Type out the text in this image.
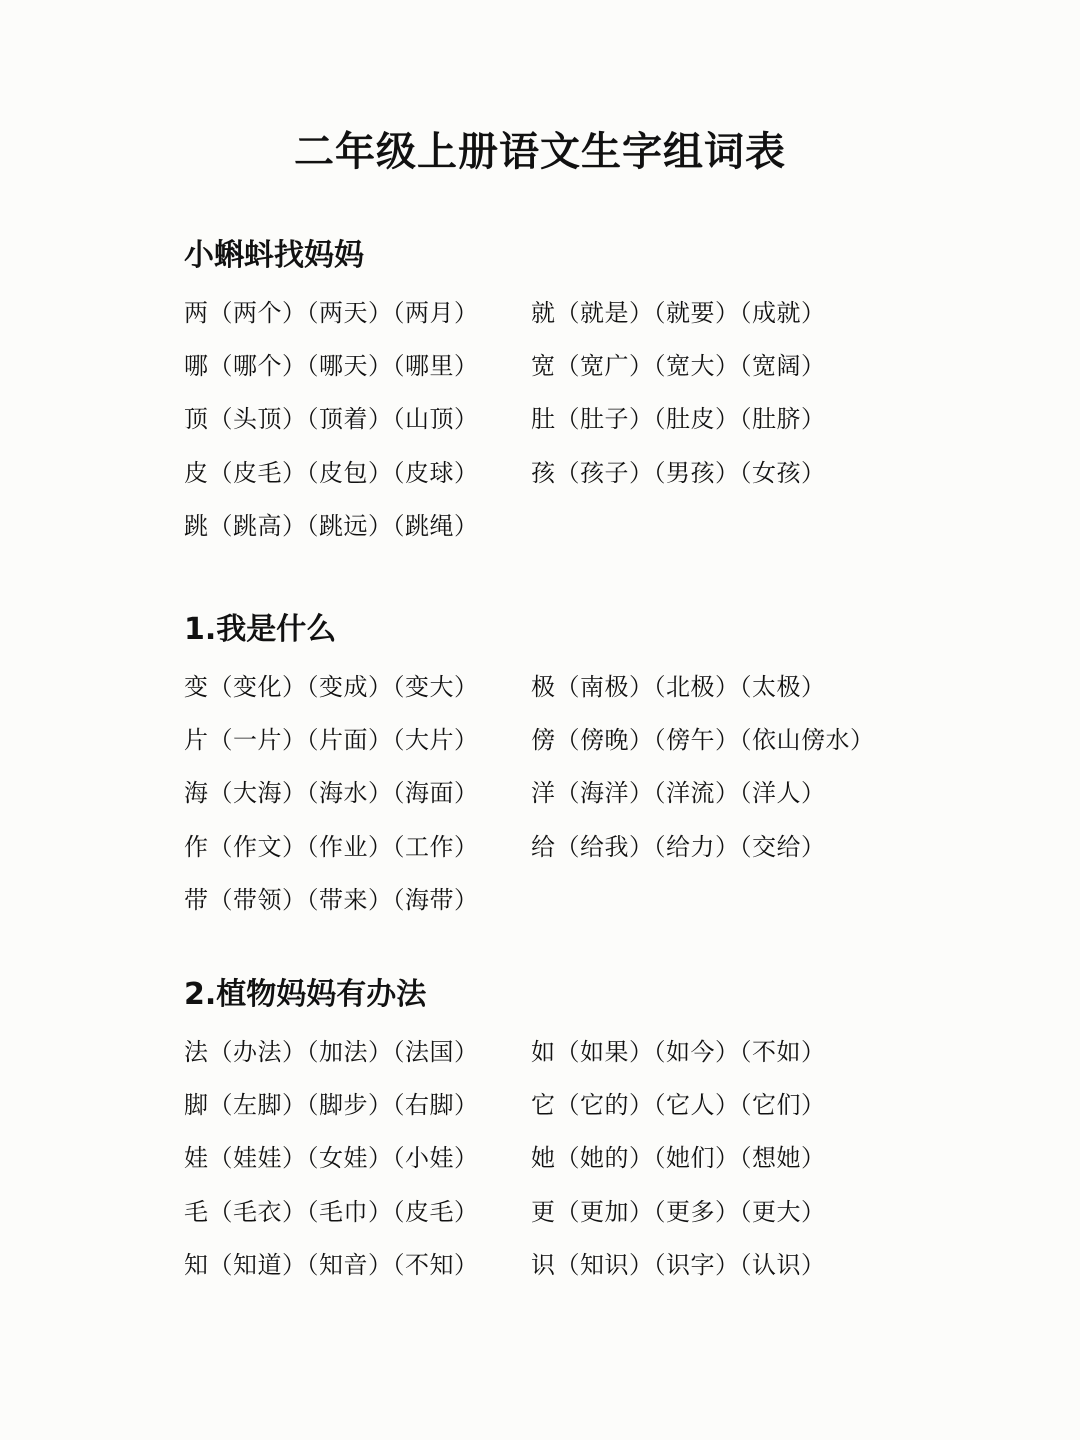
二年级上册语文生字组词表
小蝌蚪找妈妈
两（两个）（两天）（两月）	就（就是）（就要）（成就）
哪（哪个）（哪天）（哪里）	宽（宽广）（宽大）（宽阔）
顶（头顶）（顶着）（山顶）	肚（肚子）（肚皮）（肚脐）
皮（皮毛）（皮包）（皮球）	孩（孩子）（男孩）（女孩）
跳（跳高）（跳远）（跳绳）
1.我是什么
变（变化）（变成）（变大）	极（南极）（北极）（太极）
片（一片）（片面）（大片）	傍（傍晚）（傍午）（依山傍水）
海（大海）（海水）（海面）	洋（海洋）（洋流）（洋人）
作（作文）（作业）（工作）	给（给我）（给力）（交给）
带（带领）（带来）（海带）
2.植物妈妈有办法
法（办法）（加法）（法国）	如（如果）（如今）（不如）
脚（左脚）（脚步）（右脚）	它（它的）（它人）（它们）
娃（娃娃）（女娃）（小娃）	她（她的）（她们）（想她）
毛（毛衣）（毛巾）（皮毛）	更（更加）（更多）（更大）
知（知道）（知音）（不知）	识（知识）（识字）（认识）
